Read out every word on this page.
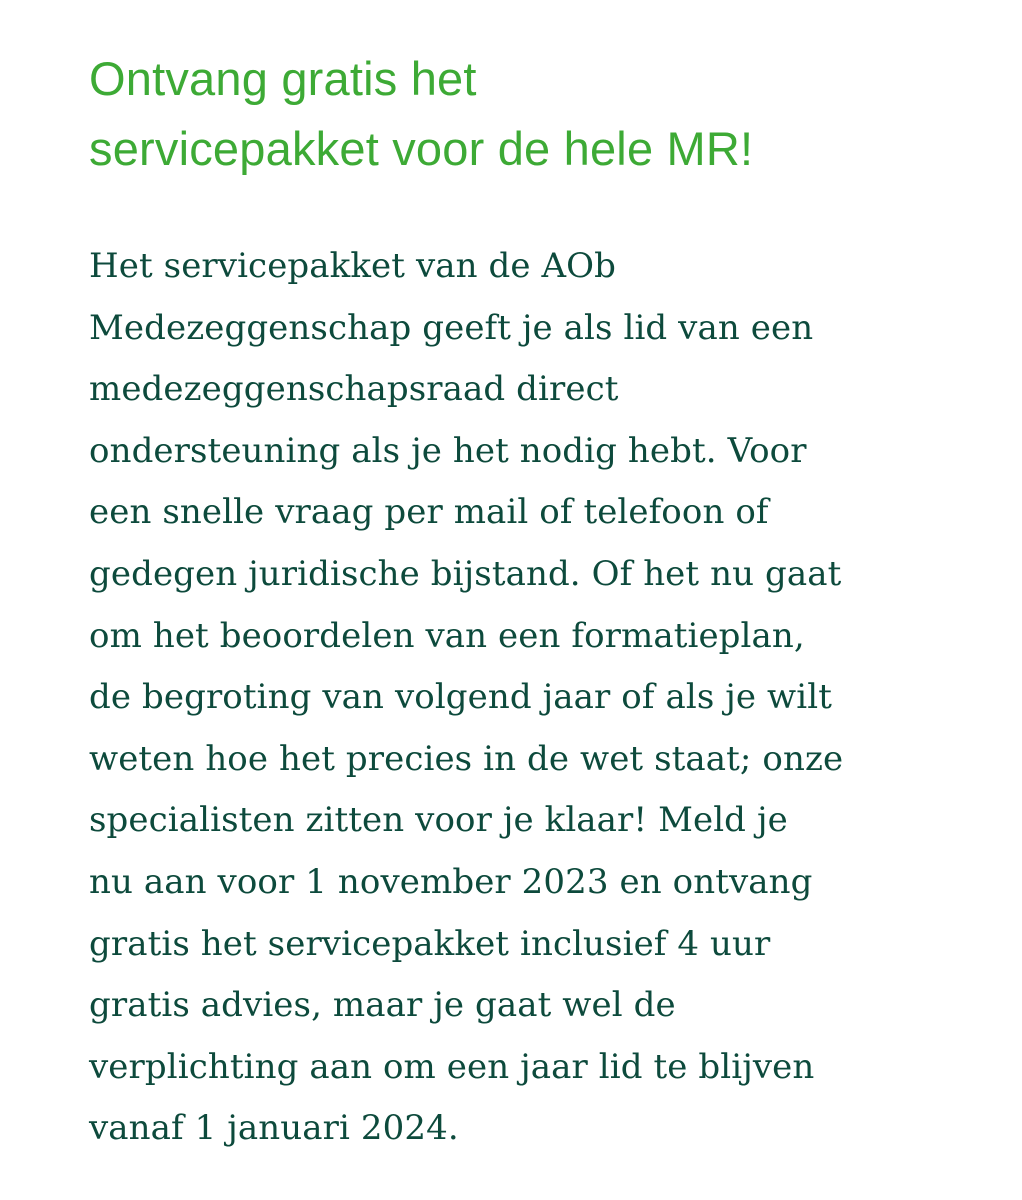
Ontvang gratis het
servicepakket voor de hele MR!

Het servicepakket van de AOb
Medezeggenschap geeft je als lid van een
medezeggenschapsraad direct
ondersteuning als je het nodig hebt. Voor
een snelle vraag per mail of telefoon of
gedegen juridische bijstand. Of het nu gaat
om het beoordelen van een formatieplan,
de begroting van volgend jaar of als je wilt
weten hoe het precies in de wet staat; onze
specialisten zitten voor je klaar! Meld je
nu aan voor 1 november 2023 en ontvang
gratis het servicepakket inclusief 4 uur
gratis advies, maar je gaat wel de
verplichting aan om een jaar lid te blijven
vanaf 1 januari 2024.
